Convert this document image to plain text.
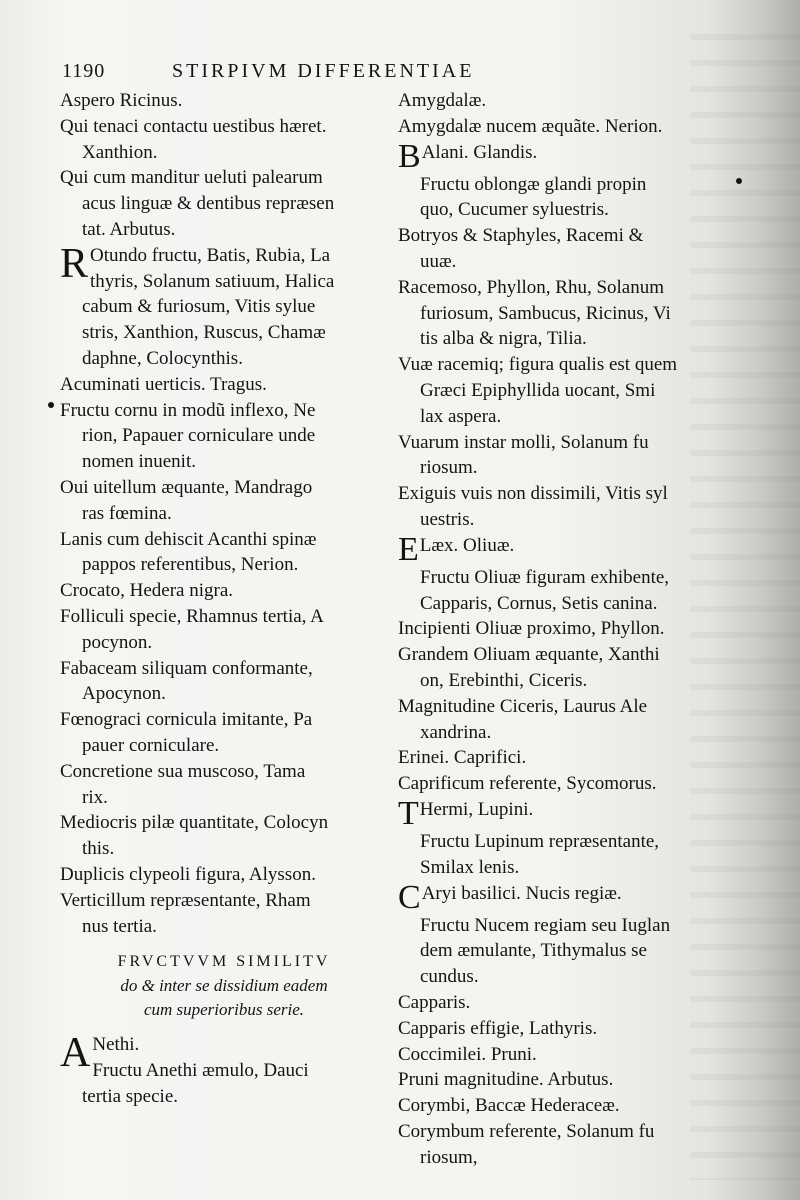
1190	STIRPIVM DIFFERENTIAE
Aspero Ricinus.
Qui tenaci contactu uestibus hæret.
Xanthion.
Qui cum manditur ueluti palearum
acus linguæ & dentibus repræsen
tat. Arbutus.
R Otundo fructu, Batis, Rubia, La
thyris, Solanum satiuum, Halica
cabum & furiosum, Vitis sylue
stris, Xanthion, Ruscus, Chamæ
daphne, Colocynthis.
Acuminati uerticis. Tragus.
Fructu cornu in modũ inflexo, Ne
rion, Papauer corniculare unde
nomen inuenit.
Oui uitellum æquante, Mandrago
ras fœmina.
Lanis cum dehiscit Acanthi spinæ
pappos referentibus, Nerion.
Crocato, Hedera nigra.
Folliculi specie, Rhamnus tertia, A
pocynon.
Fabaceam siliquam conformante,
Apocynon.
Fœnograci cornicula imitante, Pa
pauer corniculare.
Concretione sua muscoso, Tama
rix.
Mediocris pilæ quantitate, Colocyn
this.
Duplicis clypeoli figura, Alysson.
Verticillum repræsentante, Rham
nus tertia.
FRVCTVVM SIMILITV
do & inter se dissidium eadem
cum superioribus serie.
A Nethi.
Fructu Anethi æmulo, Dauci
tertia specie.
Amygdalæ.
Amygdalæ nucem æquãte. Nerion.
B Alani. Glandis.
Fructu oblongæ glandi propin
quo, Cucumer syluestris.
Botryos & Staphyles, Racemi &
uuæ.
Racemoso, Phyllon, Rhu, Solanum
furiosum, Sambucus, Ricinus, Vi
tis alba & nigra, Tilia.
Vuæ racemiq; figura qualis est quem
Græci Epiphyllida uocant, Smi
lax aspera.
Vuarum instar molli, Solanum fu
riosum.
Exiguis vuis non dissimili, Vitis syl
uestris.
E Læx. Oliuæ.
Fructu Oliuæ figuram exhibente,
Capparis, Cornus, Setis canina.
Incipienti Oliuæ proximo, Phyllon.
Grandem Oliuam æquante, Xanthi
on, Erebinthi, Ciceris.
Magnitudine Ciceris, Laurus Ale
xandrina.
Erinei. Caprifici.
Caprificum referente, Sycomorus.
T Hermi, Lupini.
Fructu Lupinum repræsentante,
Smilax lenis.
C Aryi basilici. Nucis regiæ.
Fructu Nucem regiam seu Iuglan
dem æmulante, Tithymalus se
cundus.
Capparis.
Capparis effigie, Lathyris.
Coccimilei. Pruni.
Pruni magnitudine. Arbutus.
Corymbi, Baccæ Hederaceæ.
Corymbum referente, Solanum fu
riosum,
